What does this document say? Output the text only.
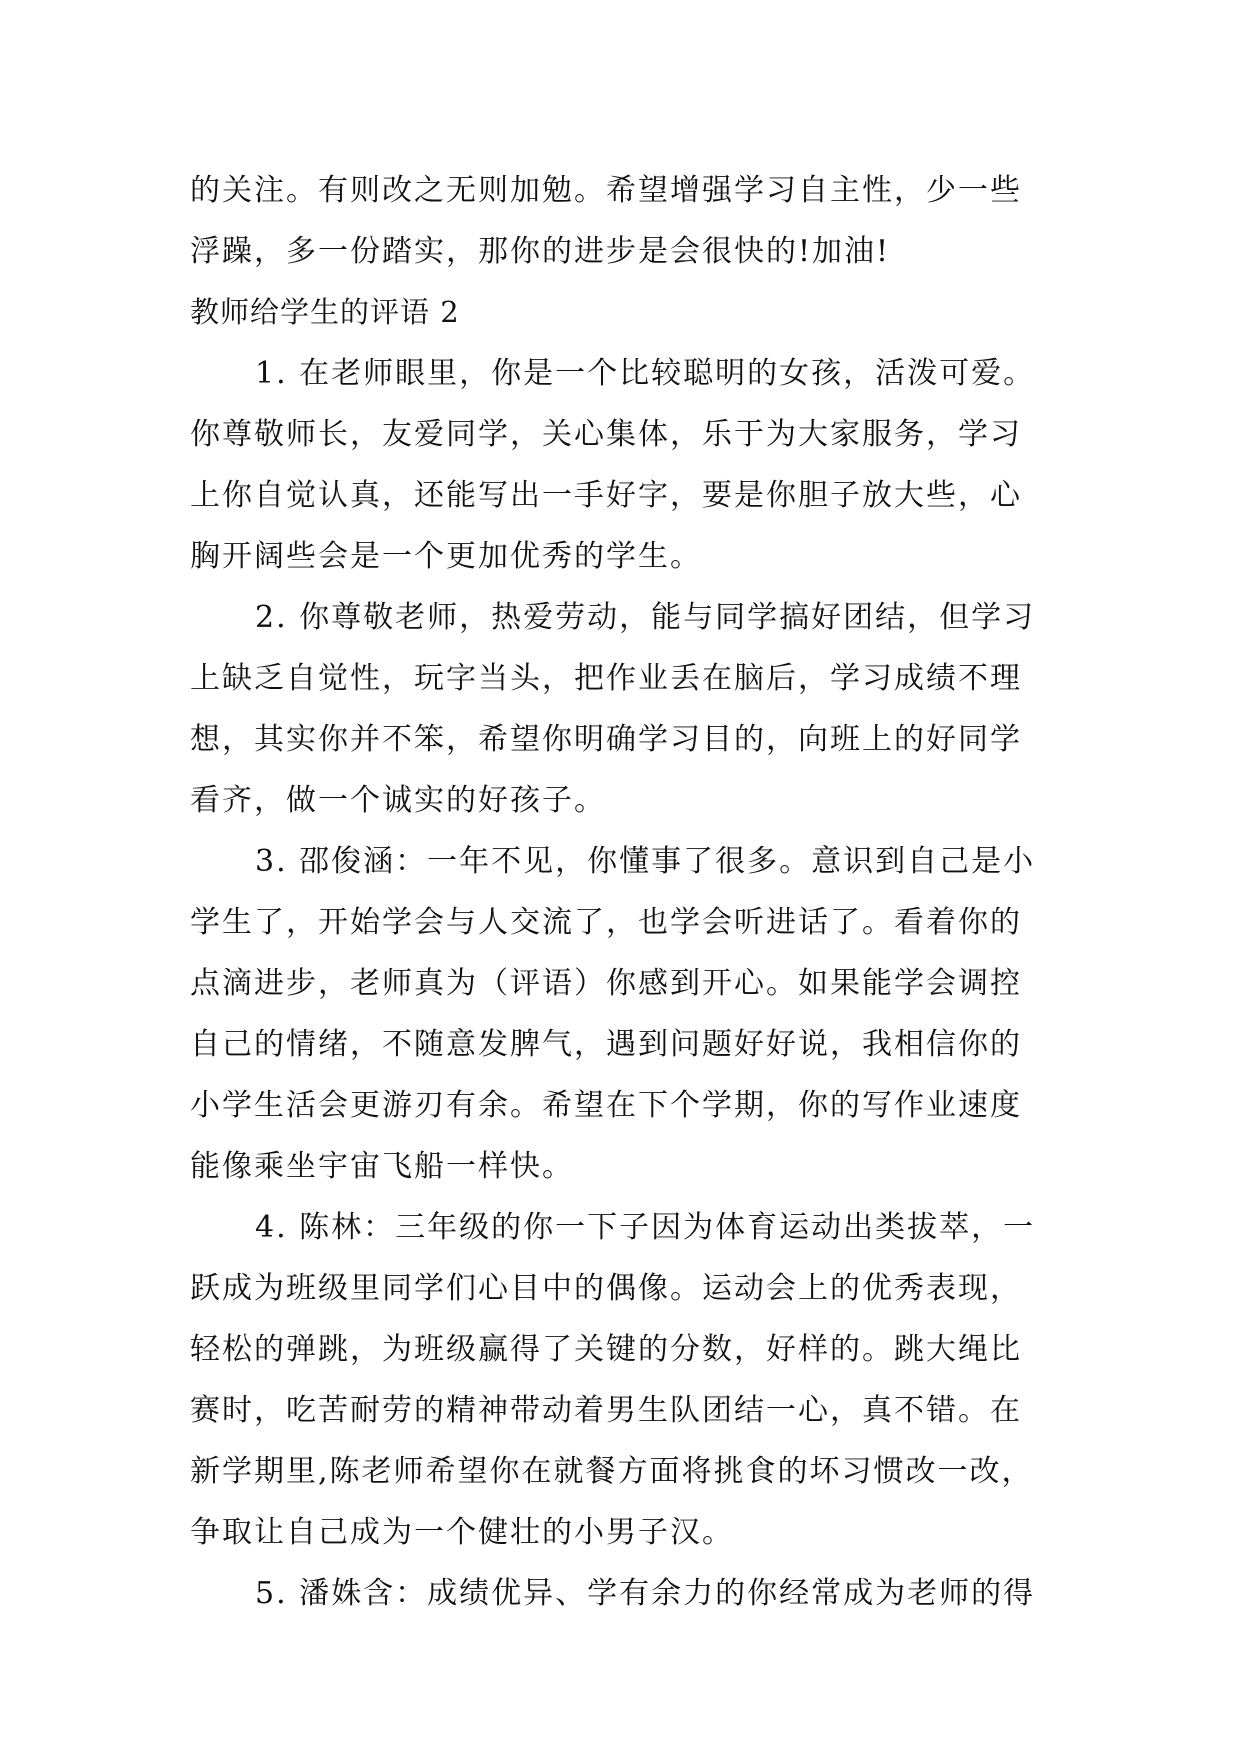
的关注。有则改之无则加勉。希望增强学习自主性，少一些
浮躁，多一份踏实，那你的进步是会很快的!加油!
教师给学生的评语 2
1. 在老师眼里，你是一个比较聪明的女孩，活泼可爱。
你尊敬师长，友爱同学，关心集体，乐于为大家服务，学习
上你自觉认真，还能写出一手好字，要是你胆子放大些，心
胸开阔些会是一个更加优秀的学生。
2. 你尊敬老师，热爱劳动，能与同学搞好团结，但学习
上缺乏自觉性，玩字当头，把作业丢在脑后，学习成绩不理
想，其实你并不笨，希望你明确学习目的，向班上的好同学
看齐，做一个诚实的好孩子。
3. 邵俊涵：一年不见，你懂事了很多。意识到自己是小
学生了，开始学会与人交流了，也学会听进话了。看着你的
点滴进步，老师真为（评语）你感到开心。如果能学会调控
自己的情绪，不随意发脾气，遇到问题好好说，我相信你的
小学生活会更游刃有余。希望在下个学期，你的写作业速度
能像乘坐宇宙飞船一样快。
4. 陈林：三年级的你一下子因为体育运动出类拔萃，一
跃成为班级里同学们心目中的偶像。运动会上的优秀表现，
轻松的弹跳，为班级赢得了关键的分数，好样的。跳大绳比
赛时，吃苦耐劳的精神带动着男生队团结一心，真不错。在
新学期里,陈老师希望你在就餐方面将挑食的坏习惯改一改，
争取让自己成为一个健壮的小男子汉。
5. 潘姝含：成绩优异、学有余力的你经常成为老师的得
